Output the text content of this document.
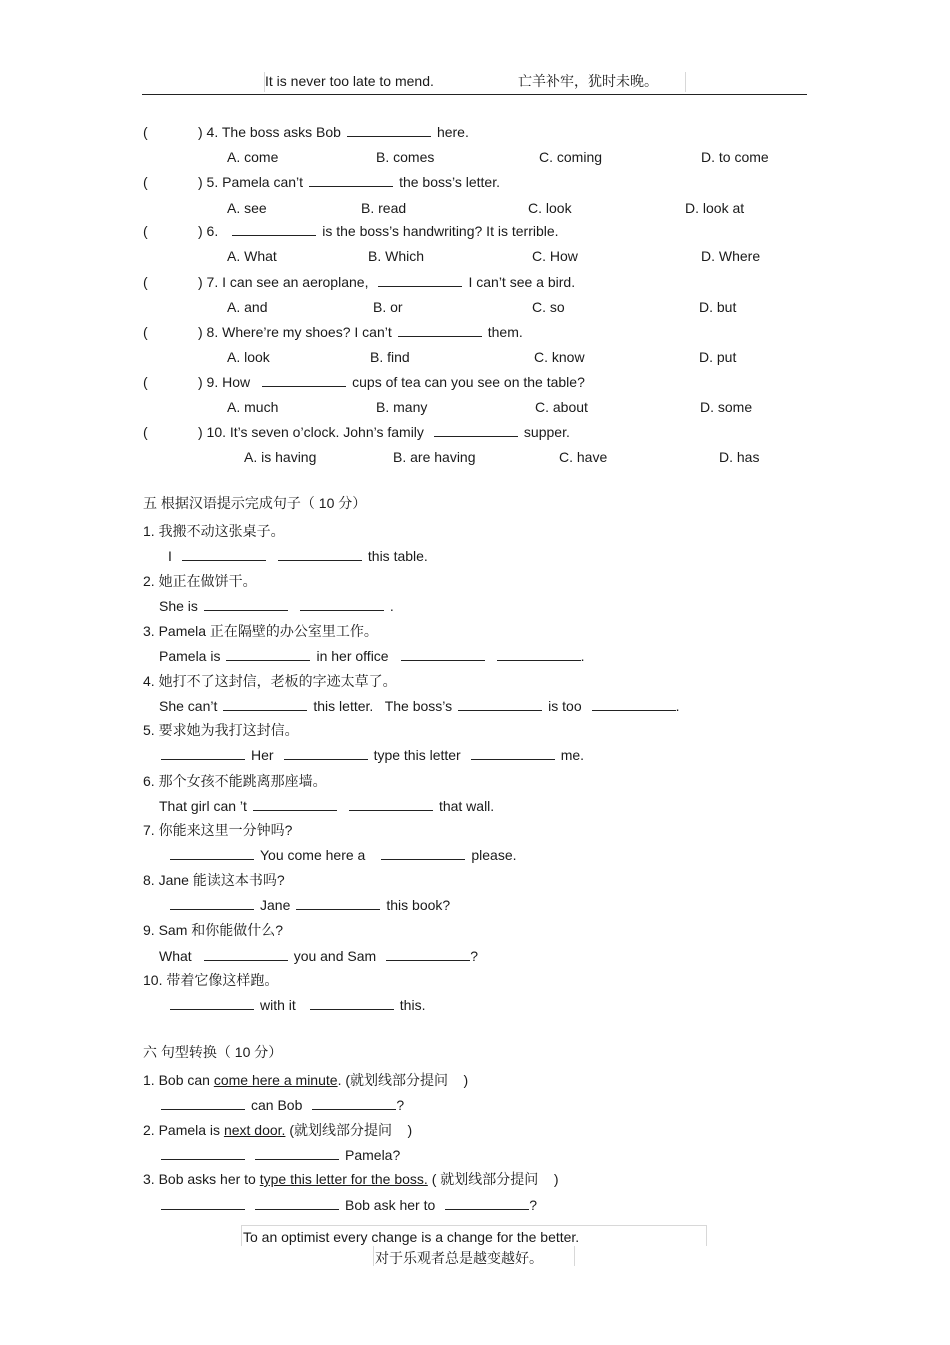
It is never too late to mend.	亡羊补牢，犹时未晚。
(	) 4. The boss asks Bob	here.
A. come	B. comes	C. coming	D. to come
(	) 5. Pamela can’t	the boss’s letter.
A. see	B. read	C. look	D. look at
(	) 6.	is the boss’s handwriting? It is terrible.
A. What	B. Which	C. How	D. Where
(	) 7. I can see an aeroplane,	I can’t see a bird.
A. and	B. or	C. so	D. but
(	) 8. Where’re my shoes? I can’t	them.
A. look	B. find	C. know	D. put
(	) 9. How	cups of tea can you see on the table?
A. much	B. many	C. about	D. some
(	) 10. It’s seven o’clock. John’s family	supper.
A. is having	B. are having	C. have	D. has
五 根据汉语提示完成句子（ 10 分）
1. 我搬不动这张桌子。
I	this table.
2. 她正在做饼干。
She is	.
3. Pamela 正在隔壁的办公室里工作。
Pamela is	in her office	.
4. 她打不了这封信，老板的字迹太草了。
She can’t	this letter.   The boss’s	is too	.
5. 要求她为我打这封信。
Her	type this letter	me.
6. 那个女孩不能跳离那座墙。
That girl can ’t	that wall.
7. 你能来这里一分钟吗?
You come here a	please.
8. Jane 能读这本书吗?
Jane	this book?
9. Sam 和你能做什么?
What	you and Sam	?
10. 带着它像这样跑。
with it	this.
六 句型转换（ 10 分）
1. Bob can come here a minute. (就划线部分提问    )
can Bob	?
2. Pamela is next door. (就划线部分提问    )
Pamela?
3. Bob asks her to type this letter for the boss. ( 就划线部分提问    )
Bob ask her to	?
To an optimist every change is a change for the better.
对于乐观者总是越变越好。
